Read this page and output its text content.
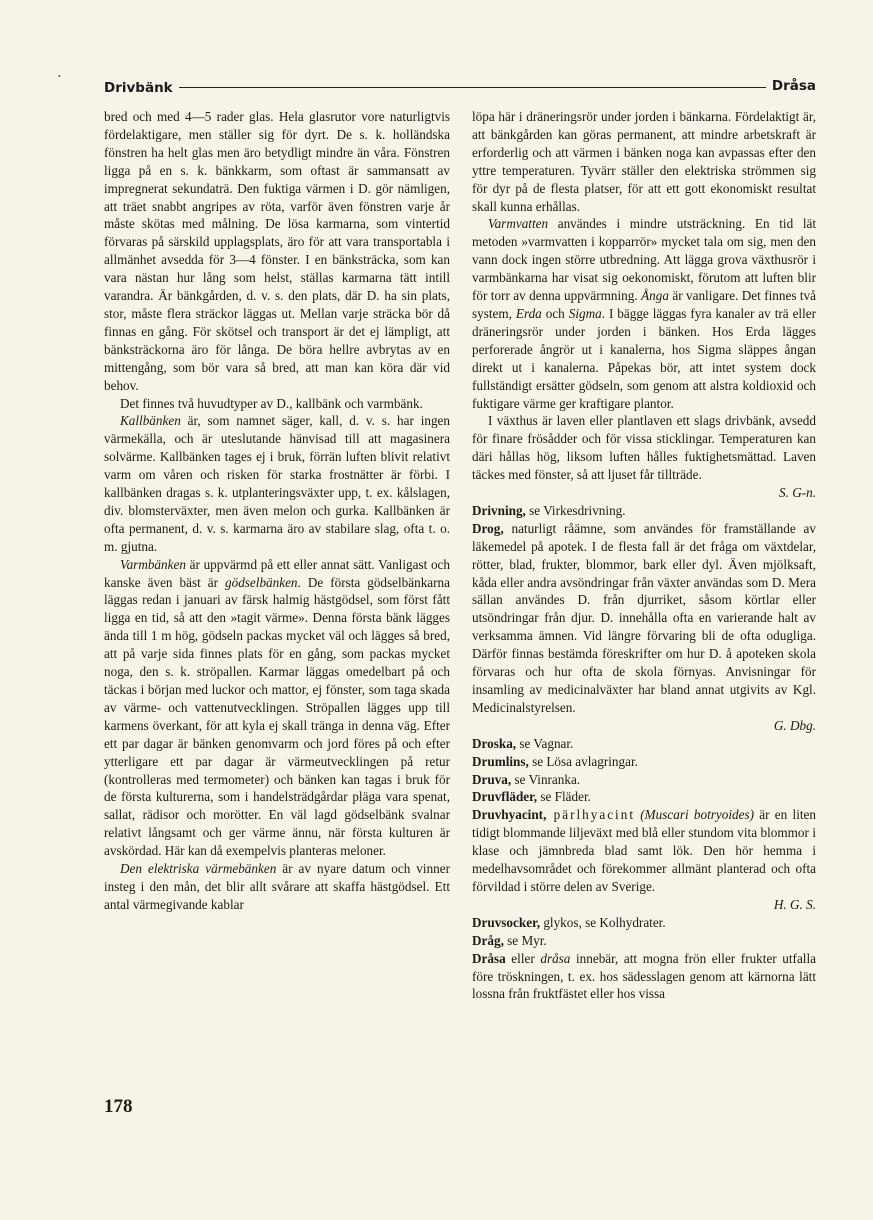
•
Drivbänk	Dråsa

bred och med 4—5 rader glas. Hela glasrutor vore naturligtvis fördelaktigare, men ställer sig för dyrt. De s. k. holländska fönstren ha helt glas men äro betydligt mindre än våra. Fönstren ligga på en s. k. bänkkarm, som oftast är sammansatt av impregnerat sekundaträ. Den fuktiga värmen i D. gör nämligen, att träet snabbt angripes av röta, varför även fönstren varje år måste skötas med målning. De lösa karmarna, som vintertid förvaras på särskild upplagsplats, äro för att vara transportabla i allmänhet avsedda för 3—4 fönster. I en bänksträcka, som kan vara nästan hur lång som helst, ställas karmarna tätt intill varandra. Är bänkgården, d. v. s. den plats, där D. ha sin plats, stor, måste flera sträckor läggas ut. Mellan varje sträcka bör då finnas en gång. För skötsel och transport är det ej lämpligt, att bänksträckorna äro för långa. De böra hellre avbrytas av en mittengång, som bör vara så bred, att man kan köra där vid behov.

Det finnes två huvudtyper av D., kallbänk och varmbänk.

Kallbänken är, som namnet säger, kall, d. v. s. har ingen värmekälla, och är uteslutande hänvisad till att magasinera solvärme. Kallbänken tages ej i bruk, förrän luften blivit relativt varm om våren och risken för starka frostnätter är förbi. I kallbänken dragas s. k. utplanteringsväxter upp, t. ex. kålslagen, div. blomsterväxter, men även melon och gurka. Kallbänken är ofta permanent, d. v. s. karmarna äro av stabilare slag, ofta t. o. m. gjutna.

Varmbänken är uppvärmd på ett eller annat sätt. Vanligast och kanske även bäst är gödselbänken. De första gödselbänkarna läggas redan i januari av färsk halmig hästgödsel, som först fått ligga en tid, så att den »tagit värme». Denna första bänk lägges ända till 1 m hög, gödseln packas mycket väl och lägges så bred, att på varje sida finnes plats för en gång, som packas mycket noga, den s. k. ströpallen. Karmar läggas omedelbart på och täckas i början med luckor och mattor, ej fönster, som taga skada av värme- och vattenutvecklingen. Ströpallen lägges upp till karmens överkant, för att kyla ej skall tränga in denna väg. Efter ett par dagar är bänken genomvarm och jord föres på och efter ytterligare ett par dagar är värmeutvecklingen på retur (kontrolleras med termometer) och bänken kan tagas i bruk för de första kulturerna, som i handelsträdgårdar pläga vara spenat, sallat, rädisor och morötter. En väl lagd gödselbänk svalnar relativt långsamt och ger värme ännu, när första kulturen är avskördad. Här kan då exempelvis planteras meloner.

Den elektriska värmebänken är av nyare datum och vinner insteg i den mån, det blir allt svårare att skaffa hästgödsel. Ett antal värmegivande kablar

löpa här i dräneringsrör under jorden i bänkarna. Fördelaktigt är, att bänkgården kan göras permanent, att mindre arbetskraft är erforderlig och att värmen i bänken noga kan avpassas efter den yttre temperaturen. Tyvärr ställer den elektriska strömmen sig för dyr på de flesta platser, för att ett gott ekonomiskt resultat skall kunna erhållas.

Varmvatten användes i mindre utsträckning. En tid lät metoden »varmvatten i kopparrör» mycket tala om sig, men den vann dock ingen större utbredning. Att lägga grova växthusrör i varmbänkarna har visat sig oekonomiskt, förutom att luften blir för torr av denna uppvärmning. Ånga är vanligare. Det finnes två system, Erda och Sigma. I bägge läggas fyra kanaler av trä eller dräneringsrör under jorden i bänken. Hos Erda lägges perforerade ångrör ut i kanalerna, hos Sigma släppes ångan direkt ut i kanalerna. Påpekas bör, att intet system dock fullständigt ersätter gödseln, som genom att alstra koldioxid och fuktigare värme ger kraftigare plantor.

I växthus är laven eller plantlaven ett slags drivbänk, avsedd för finare frösådder och för vissa sticklingar. Temperaturen kan däri hållas hög, liksom luften hålles fuktighetsmättad. Laven täckes med fönster, så att ljuset får tillträde.
S. G-n.

Drivning, se Virkesdrivning.

Drog, naturligt råämne, som användes för framställande av läkemedel på apotek. I de flesta fall är det fråga om växtdelar, rötter, blad, frukter, blommor, bark eller dyl. Även mjölksaft, kåda eller andra avsöndringar från växter användas som D. Mera sällan användes D. från djurriket, såsom körtlar eller utsöndringar från djur. D. innehålla ofta en varierande halt av verksamma ämnen. Vid längre förvaring bli de ofta odugliga. Därför finnas bestämda föreskrifter om hur D. å apoteken skola förvaras och hur ofta de skola förnyas. Anvisningar för insamling av medicinalväxter har bland annat utgivits av Kgl. Medicinalstyrelsen.
G. Dbg.

Droska, se Vagnar.

Drumlins, se Lösa avlagringar.

Druva, se Vinranka.

Druvfläder, se Fläder.

Druvhyacint, pärlhyacint (Muscari botryoides) är en liten tidigt blommande liljeväxt med blå eller stundom vita blommor i klase och jämnbreda blad samt lök. Den hör hemma i medelhavsområdet och förekommer allmänt planterad och ofta förvildad i större delen av Sverige.
H. G. S.

Druvsocker, glykos, se Kolhydrater.

Dråg, se Myr.

Dråsa eller dråsa innebär, att mogna frön eller frukter utfalla före tröskningen, t. ex. hos sädesslagen genom att kärnorna lätt lossna från fruktfästet eller hos vissa

178
